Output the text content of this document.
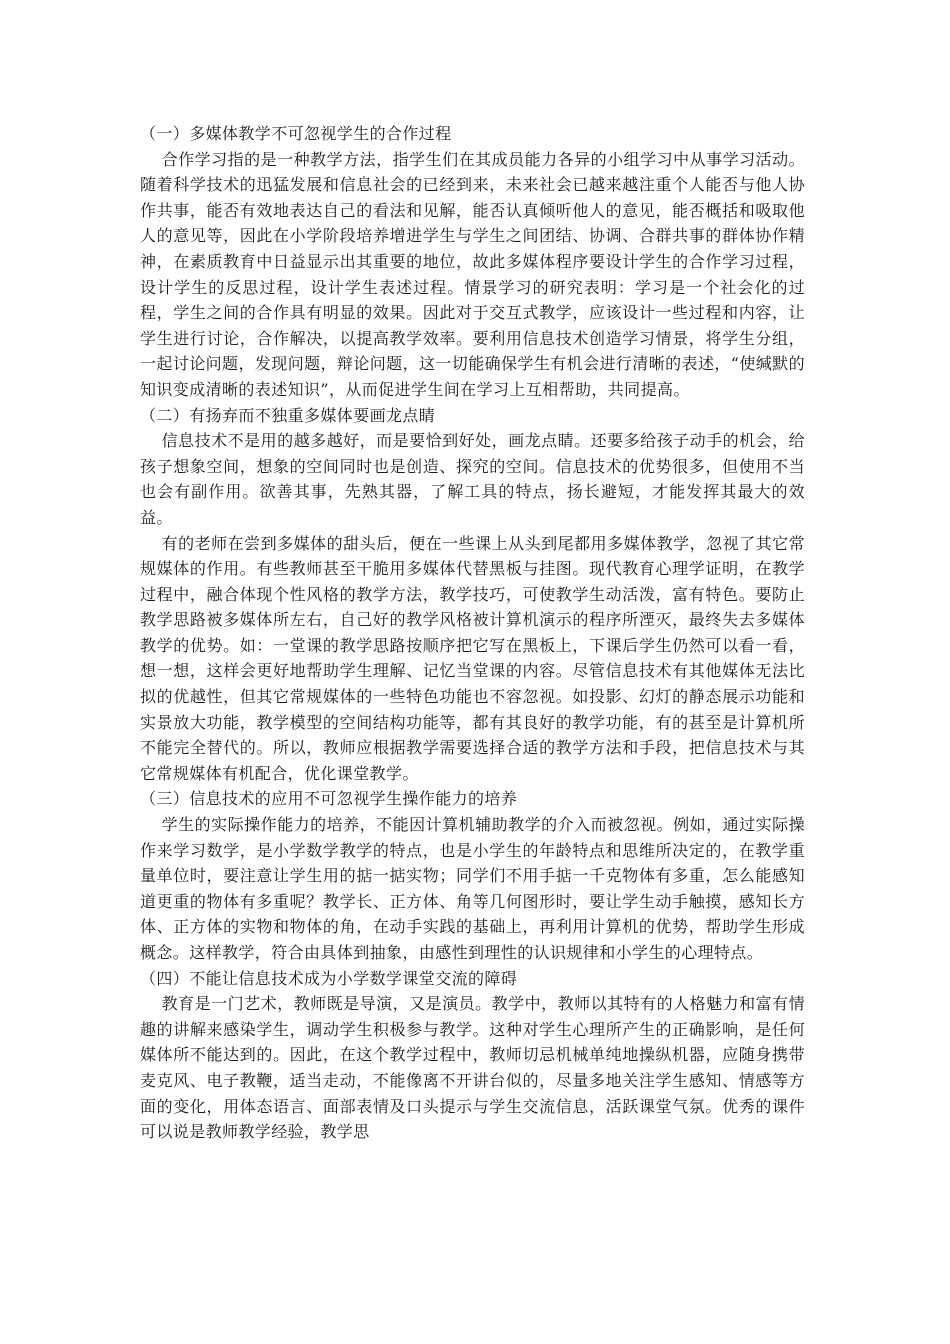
（一）多媒体教学不可忽视学生的合作过程

合作学习指的是一种教学方法，指学生们在其成员能力各异的小组学习中从事学习活动。随着科学技术的迅猛发展和信息社会的已经到来，未来社会已越来越注重个人能否与他人协作共事，能否有效地表达自己的看法和见解，能否认真倾听他人的意见，能否概括和吸取他人的意见等，因此在小学阶段培养增进学生与学生之间团结、协调、合群共事的群体协作精神，在素质教育中日益显示出其重要的地位，故此多媒体程序要设计学生的合作学习过程，设计学生的反思过程，设计学生表述过程。情景学习的研究表明：学习是一个社会化的过程，学生之间的合作具有明显的效果。因此对于交互式教学，应该设计一些过程和内容，让学生进行讨论，合作解决，以提高教学效率。要利用信息技术创造学习情景，将学生分组，一起讨论问题，发现问题，辩论问题，这一切能确保学生有机会进行清晰的表述，“使缄默的知识变成清晰的表述知识”，从而促进学生间在学习上互相帮助，共同提高。

（二）有扬弃而不独重多媒体要画龙点睛

信息技术不是用的越多越好，而是要恰到好处，画龙点睛。还要多给孩子动手的机会，给孩子想象空间，想象的空间同时也是创造、探究的空间。信息技术的优势很多，但使用不当也会有副作用。欲善其事，先熟其器，了解工具的特点，扬长避短，才能发挥其最大的效益。

有的老师在尝到多媒体的甜头后，便在一些课上从头到尾都用多媒体教学，忽视了其它常规媒体的作用。有些教师甚至干脆用多媒体代替黑板与挂图。现代教育心理学证明，在教学过程中，融合体现个性风格的教学方法，教学技巧，可使教学生动活泼，富有特色。要防止教学思路被多媒体所左右，自己好的教学风格被计算机演示的程序所湮灭，最终失去多媒体教学的优势。如：一堂课的教学思路按顺序把它写在黑板上，下课后学生仍然可以看一看，想一想，这样会更好地帮助学生理解、记忆当堂课的内容。尽管信息技术有其他媒体无法比拟的优越性，但其它常规媒体的一些特色功能也不容忽视。如投影、幻灯的静态展示功能和实景放大功能，教学模型的空间结构功能等，都有其良好的教学功能，有的甚至是计算机所不能完全替代的。所以，教师应根据教学需要选择合适的教学方法和手段，把信息技术与其它常规媒体有机配合，优化课堂教学。

（三）信息技术的应用不可忽视学生操作能力的培养

学生的实际操作能力的培养，不能因计算机辅助教学的介入而被忽视。例如，通过实际操作来学习数学，是小学数学教学的特点，也是小学生的年龄特点和思维所决定的，在教学重量单位时，要注意让学生用的掂一掂实物；同学们不用手掂一千克物体有多重，怎么能感知道更重的物体有多重呢？教学长、正方体、角等几何图形时，要让学生动手触摸，感知长方体、正方体的实物和物体的角，在动手实践的基础上，再利用计算机的优势，帮助学生形成概念。这样教学，符合由具体到抽象，由感性到理性的认识规律和小学生的心理特点。

（四）不能让信息技术成为小学数学课堂交流的障碍

教育是一门艺术，教师既是导演，又是演员。教学中，教师以其特有的人格魅力和富有情趣的讲解来感染学生，调动学生积极参与教学。这种对学生心理所产生的正确影响，是任何媒体所不能达到的。因此，在这个教学过程中，教师切忌机械单纯地操纵机器，应随身携带麦克风、电子教鞭，适当走动，不能像离不开讲台似的，尽量多地关注学生感知、情感等方面的变化，用体态语言、面部表情及口头提示与学生交流信息，活跃课堂气氛。优秀的课件可以说是教师教学经验，教学思
